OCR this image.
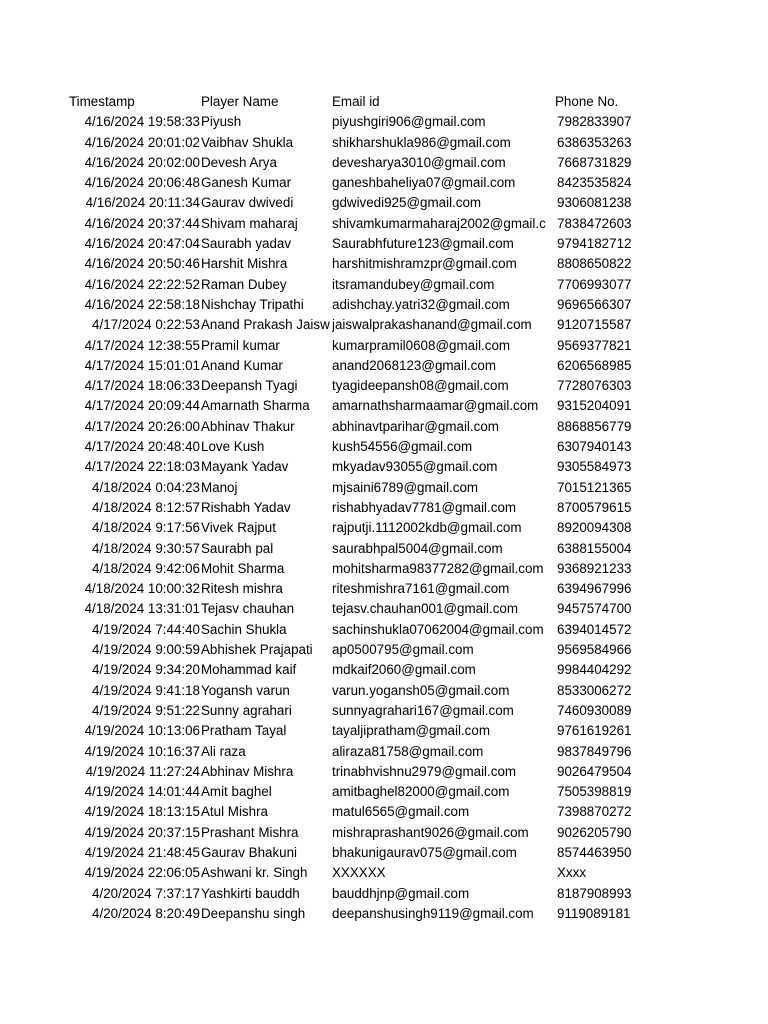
Timestamp	Player Name	Email id	Phone No.
4/16/2024 19:58:33 Piyush	piyushgiri906@gmail.com	7982833907
4/16/2024 20:01:02 Vaibhav Shukla	shikharshukla986@gmail.com	6386353263
4/16/2024 20:02:00 Devesh Arya	devesharya3010@gmail.com	7668731829
4/16/2024 20:06:48 Ganesh Kumar	ganeshbaheliya07@gmail.com	8423535824
4/16/2024 20:11:34 Gaurav dwivedi	gdwivedi925@gmail.com	9306081238
4/16/2024 20:37:44 Shivam maharaj	shivamkumarmaharaj2002@gmail.c 7838472603
4/16/2024 20:47:04 Saurabh yadav	Saurabhfuture123@gmail.com	9794182712
4/16/2024 20:50:46 Harshit Mishra	harshitmishramzpr@gmail.com	8808650822
4/16/2024 22:22:52 Raman Dubey	itsramandubey@gmail.com	7706993077
4/16/2024 22:58:18 Nishchay Tripathi	adishchay.yatri32@gmail.com	9696566307
4/17/2024 0:22:53 Anand Prakash Jaisw jaiswalprakashanand@gmail.com	9120715587
4/17/2024 12:38:55 Pramil kumar	kumarpramil0608@gmail.com	9569377821
4/17/2024 15:01:01 Anand Kumar	anand2068123@gmail.com	6206568985
4/17/2024 18:06:33 Deepansh Tyagi	tyagideepansh08@gmail.com	7728076303
4/17/2024 20:09:44 Amarnath Sharma	amarnathsharmaamar@gmail.com	9315204091
4/17/2024 20:26:00 Abhinav Thakur	abhinavtparihar@gmail.com	8868856779
4/17/2024 20:48:40 Love Kush	kush54556@gmail.com	6307940143
4/17/2024 22:18:03 Mayank Yadav	mkyadav93055@gmail.com	9305584973
4/18/2024 0:04:23 Manoj	mjsaini6789@gmail.com	7015121365
4/18/2024 8:12:57 Rishabh Yadav	rishabhyadav7781@gmail.com	8700579615
4/18/2024 9:17:56 Vivek Rajput	rajputji.1112002kdb@gmail.com	8920094308
4/18/2024 9:30:57 Saurabh pal	saurabhpal5004@gmail.com	6388155004
4/18/2024 9:42:06 Mohit Sharma	mohitsharma98377282@gmail.com	9368921233
4/18/2024 10:00:32 Ritesh mishra	riteshmishra7161@gmail.com	6394967996
4/18/2024 13:31:01 Tejasv chauhan	tejasv.chauhan001@gmail.com	9457574700
4/19/2024 7:44:40 Sachin Shukla	sachinshukla07062004@gmail.com 6394014572
4/19/2024 9:00:59 Abhishek Prajapati	ap0500795@gmail.com	9569584966
4/19/2024 9:34:20 Mohammad kaif	mdkaif2060@gmail.com	9984404292
4/19/2024 9:41:18 Yogansh varun	varun.yogansh05@gmail.com	8533006272
4/19/2024 9:51:22 Sunny agrahari	sunnyagrahari167@gmail.com	7460930089
4/19/2024 10:13:06 Pratham Tayal	tayaljipratham@gmail.com	9761619261
4/19/2024 10:16:37 Ali raza	aliraza81758@gmail.com	9837849796
4/19/2024 11:27:24 Abhinav Mishra	trinabhvishnu2979@gmail.com	9026479504
4/19/2024 14:01:44 Amit baghel	amitbaghel82000@gmail.com	7505398819
4/19/2024 18:13:15 Atul Mishra	matul6565@gmail.com	7398870272
4/19/2024 20:37:15 Prashant Mishra	mishraprashant9026@gmail.com	9026205790
4/19/2024 21:48:45 Gaurav Bhakuni	bhakunigaurav075@gmail.com	8574463950
4/19/2024 22:06:05 Ashwani kr. Singh	XXXXXX	Xxxx
4/20/2024 7:37:17 Yashkirti bauddh	bauddhjnp@gmail.com	8187908993
4/20/2024 8:20:49 Deepanshu singh	deepanshusingh9119@gmail.com	9119089181
